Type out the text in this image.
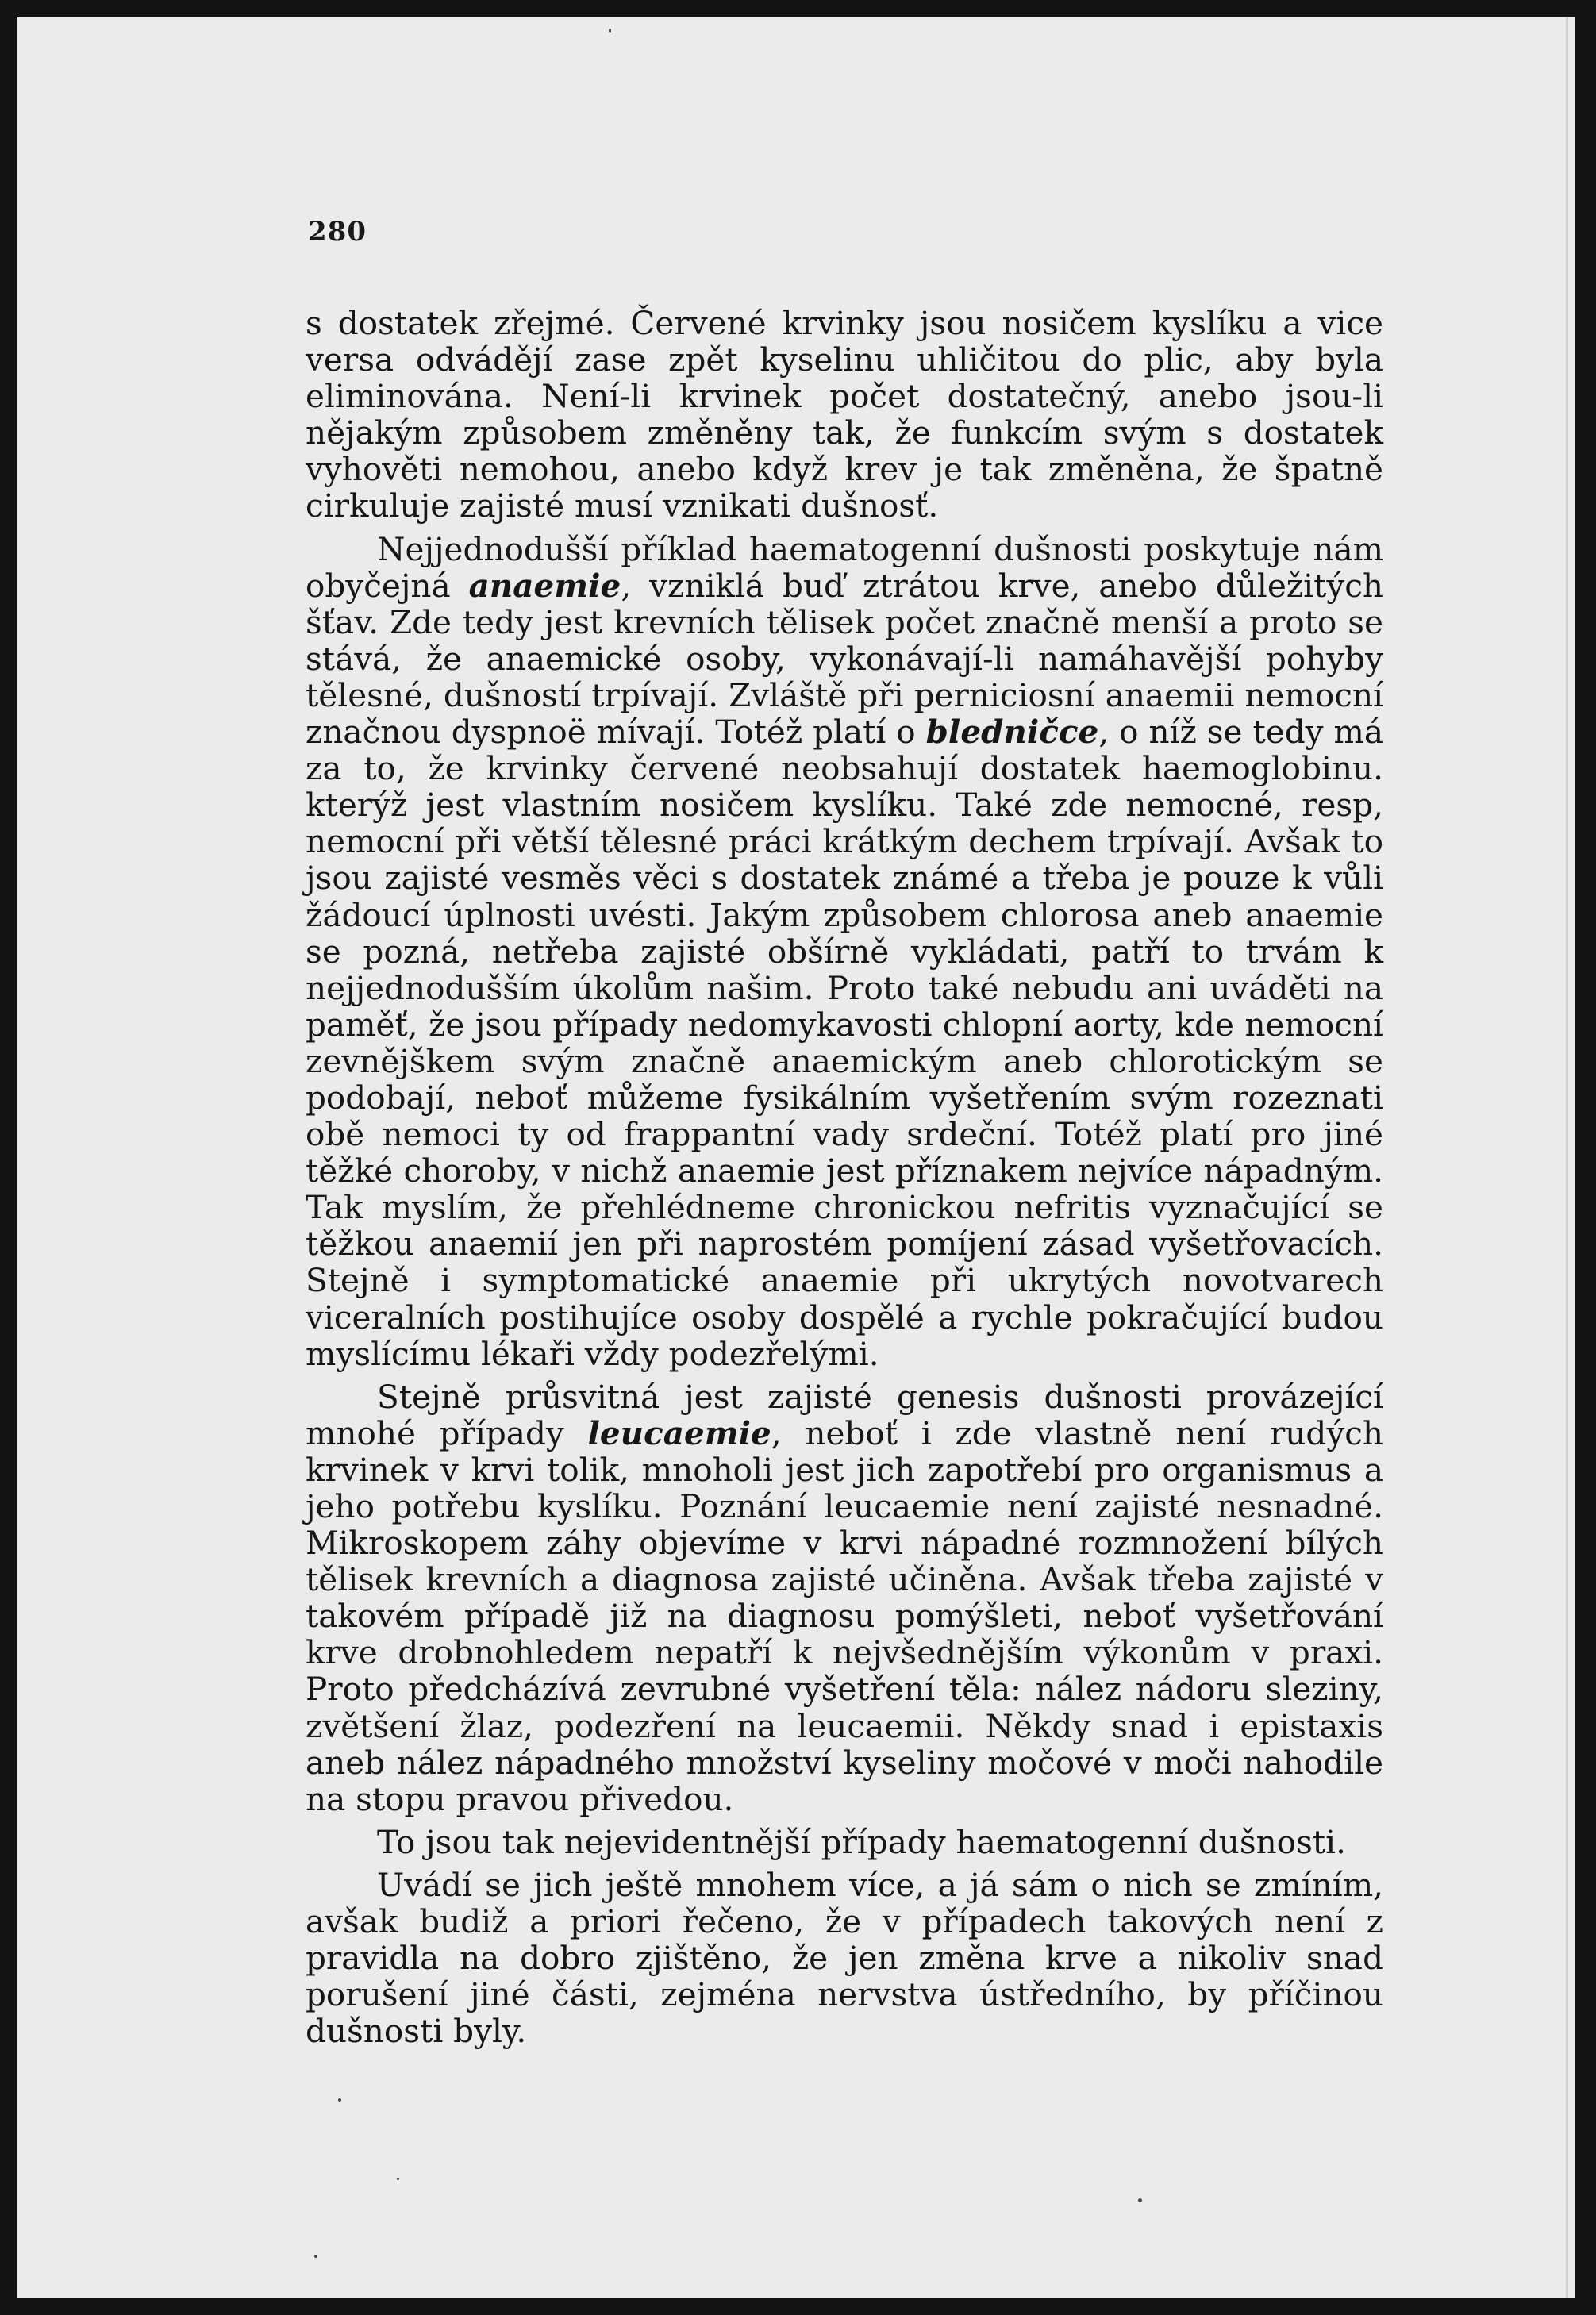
280

s dostatek zřejmé. Červené krvinky jsou nosičem kyslíku a vice versa odvádějí zase zpět kyselinu uhličitou do plic, aby byla eliminována. Není-li krvinek počet dostatečný, anebo jsou-li nějakým způsobem změněny tak, že funkcím svým s dostatek vyhověti nemohou, anebo když krev je tak změněna, že špatně cirkuluje zajisté musí vznikati dušnosť.

Nejjednodušší příklad haematogenní dušnosti poskytuje nám obyčejná anaemie, vzniklá buď ztrátou krve, anebo důležitých šťav. Zde tedy jest krevních tělisek počet značně menší a proto se stává, že anaemické osoby, vykonávají-li namáhavější pohyby tělesné, dušností trpívají. Zvláště při perniciosní anaemii nemocní značnou dyspnoë mívají. Totéž platí o bledničce, o níž se tedy má za to, že krvinky červené neobsahují dostatek haemoglobinu. kterýž jest vlastním nosičem kyslíku. Také zde nemocné, resp, nemocní při větší tělesné práci krátkým dechem trpívají. Avšak to jsou zajisté vesměs věci s dostatek známé a třeba je pouze k vůli žádoucí úplnosti uvésti. Jakým způsobem chlorosa aneb anaemie se pozná, netřeba zajisté obšírně vykládati, patří to trvám k nejjednodušším úkolům našim. Proto také nebudu ani uváděti na paměť, že jsou případy nedomykavosti chlopní aorty, kde nemocní zevnějškem svým značně anaemickým aneb chlorotickým se podobají, neboť můžeme fysikálním vyšetřením svým rozeznati obě nemoci ty od frappantní vady srdeční. Totéž platí pro jiné těžké choroby, v nichž anaemie jest příznakem nejvíce nápadným. Tak myslím, že přehlédneme chronickou nefritis vyznačující se těžkou anaemií jen při naprostém pomíjení zásad vyšetřovacích. Stejně i symptomatické anaemie při ukrytých novotvarech viceralních postihujíce osoby dospělé a rychle pokračující budou myslícímu lékaři vždy podezřelými.

Stejně průsvitná jest zajisté genesis dušnosti provázející mnohé případy leucaemie, neboť i zde vlastně není rudých krvinek v krvi tolik, mnoholi jest jich zapotřebí pro organismus a jeho potřebu kyslíku. Poznání leucaemie není zajisté nesnadné. Mikroskopem záhy objevíme v krvi nápadné rozmnožení bílých tělisek krevních a diagnosa zajisté učiněna. Avšak třeba zajisté v takovém případě již na diagnosu pomýšleti, neboť vyšetřování krve drobnohledem nepatří k nejvšednějším výkonům v praxi. Proto předcházívá zevrubné vyšetření těla: nález nádoru sleziny, zvětšení žlaz, podezření na leucaemii. Někdy snad i epistaxis aneb nález nápadného množství kyseliny močové v moči nahodile na stopu pravou přivedou.

To jsou tak nejevidentnější případy haematogenní dušnosti.

Uvádí se jich ještě mnohem více, a já sám o nich se zmíním, avšak budiž a priori řečeno, že v případech takových není z pravidla na dobro zjištěno, že jen změna krve a nikoliv snad porušení jiné části, zejména nervstva ústředního, by příčinou dušnosti byly.
